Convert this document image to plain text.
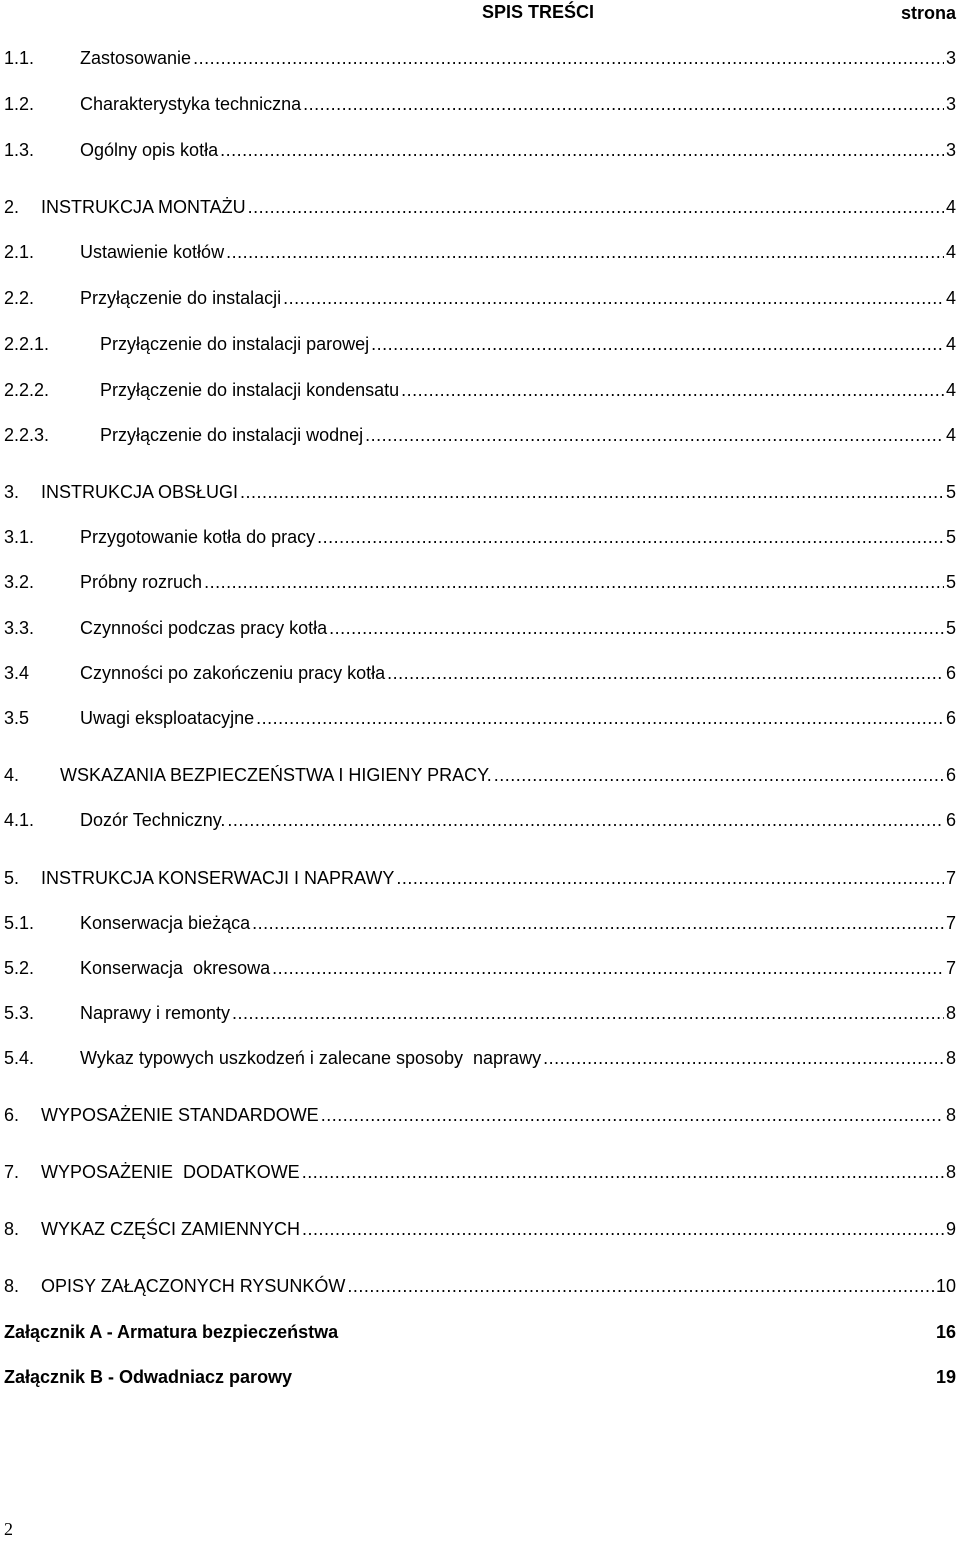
SPIS TREŚCI	strona
1.1.	Zastosowanie .....	3
1.2.	Charakterystyka techniczna .....	3
1.3.	Ogólny opis kotła .....	3
2.	INSTRUKCJA MONTAŻU .....	4
2.1.	Ustawienie kotłów .....	4
2.2.	Przyłączenie do instalacji .....	4
2.2.1.	Przyłączenie do instalacji parowej .....	4
2.2.2.	Przyłączenie do instalacji kondensatu .....	4
2.2.3.	Przyłączenie do instalacji wodnej .....	4
3.	INSTRUKCJA OBSŁUGI .....	5
3.1.	Przygotowanie kotła do pracy .....	5
3.2.	Próbny rozruch .....	5
3.3.	Czynności podczas pracy kotła .....	5
3.4	Czynności po zakończeniu pracy kotła .....	6
3.5	Uwagi eksploatacyjne .....	6
4.	WSKAZANIA BEZPIECZEŃSTWA I HIGIENY PRACY. .....	6
4.1.	Dozór Techniczny. .....	6
5.	INSTRUKCJA KONSERWACJI I NAPRAWY .....	7
5.1.	Konserwacja bieżąca .....	7
5.2.	Konserwacja  okresowa .....	7
5.3.	Naprawy i remonty .....	8
5.4.	Wykaz typowych uszkodzeń i zalecane sposoby  naprawy .....	8
6.	WYPOSAŻENIE STANDARDOWE .....	8
7.	WYPOSAŻENIE  DODATKOWE .....	8
8.	WYKAZ CZĘŚCI ZAMIENNYCH .....	9
8.	OPISY ZAŁĄCZONYCH RYSUNKÓW .....	10
Załącznik A - Armatura bezpieczeństwa	16
Załącznik B - Odwadniacz parowy	19
2
